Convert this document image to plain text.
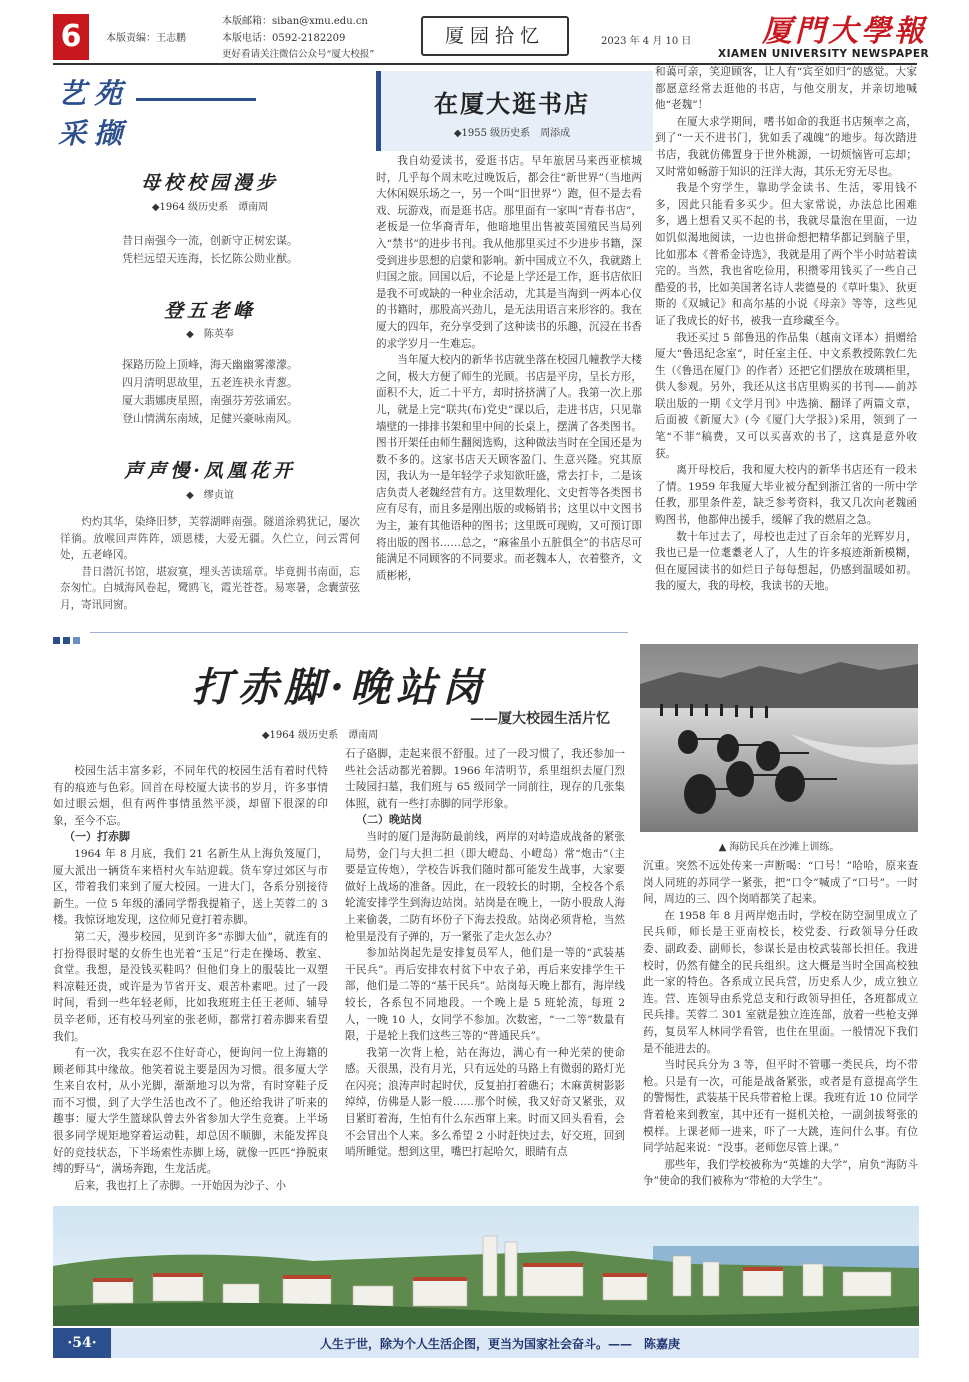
6	本版责编：王志鹏
本版邮箱：siban@xmu.edu.cn
本版电话：0592-2182209
更好看请关注微信公众号“厦大校报”
厦园拾忆	2023 年 4 月 10 日 厦門大學報
XIAMEN UNIVERSITY NEWSPAPER
艺苑
采撷
母校校园漫步
◆1964 级历史系　谭南周
昔日南强今一流，创新守正树宏谋。
凭栏远望天连海，长忆陈公勋业猷。
登五老峰
◆　陈英奉
探路历险上顶峰，海天幽幽雾濛濛。
四月清明思故里，五老连袂永青葱。
厦大翡娜庚星照，南强芬芳弦诵宏。
登山情满东南域，足健兴豪咏南风。
声声慢·凤凰花开
◆　缪贞谊

灼灼其华，染绛旧梦，芙蓉湖畔南强。隧道涂鸦犹记，屡次徉徜。放喉回声阵阵，颂恩楼，大爱无疆。久伫立，问云霄何处，五老峰冈。

昔日潜沉书馆，堪寂寞，埋头苦读瑶章。毕竟拥书南面，忘奈匆忙。白城海风卷起，鹭鸥飞，霞光苍苍。易寒暑，念囊萤弦月，寄讯同窗。

在厦大逛书店
◆1955 级历史系　周添成

我自幼爱读书，爱逛书店。早年旅居马来西亚槟城时，几乎每个周末吃过晚饭后，都会往“新世界”（当地两大休闲娱乐场之一，另一个叫“旧世界”）跑，但不是去看戏、玩游戏，而是逛书店。那里面有一家叫“青春书店”，老板是一位华裔青年，他暗地里出售被英国殖民当局列入“禁书”的进步书刊。我从他那里买过不少进步书籍，深受到进步思想的启蒙和影响。新中国成立不久，我就踏上归国之旅。回国以后，不论是上学还是工作，逛书店依旧是我不可或缺的一种业余活动，尤其是当淘到一两本心仪的书籍时，那股高兴劲儿，是无法用语言来形容的。我在厦大的四年，充分享受到了这种读书的乐趣，沉浸在书香的求学岁月一生难忘。

当年厦大校内的新华书店就坐落在校园几幢教学大楼之间，极大方便了师生的光顾。书店是平房，呈长方形，面积不大，近二十平方，却时挤挤满了人。我第一次上那儿，就是上完“联共(布)党史”课以后，走进书店，只见靠墙壁的一排排书架和里中间的长桌上，摆满了各类图书。图书开架任由师生翻阅选购，这种做法当时在全国还是为数不多的。这家书店天天顾客盈门、生意兴隆。究其原因，我认为一是年轻学子求知欲旺盛，常去打卡，二是该店负责人老魏经营有方。这里数理化、文史哲等各类图书应有尽有，而且多是刚出版的或畅销书；这里以中文图书为主，兼有其他语种的图书；这里既可现购，又可预订即将出版的图书……总之，“麻雀虽小五脏俱全”的书店尽可能满足不同顾客的不同要求。而老魏本人，衣着整齐，文质彬彬，

和蔼可亲，笑迎顾客，让人有“宾至如归”的感觉。大家都愿意经常去逛他的书店，与他交朋友，并亲切地喊他“老魏”！

在厦大求学期间，嗜书如命的我逛书店频率之高，到了“一天不进书门，犹如丢了魂魄”的地步。每次踏进书店，我就仿佛置身于世外桃源，一切烦恼皆可忘却；又时常如畅游于知识的汪洋大海，其乐无穷无尽也。

我是个穷学生，靠助学金读书、生活，零用钱不多，因此只能看多买少。但大家常说，办法总比困难多，遇上想看又买不起的书，我就尽量泡在里面，一边如饥似渴地阅读，一边也拼命想把精华都记到脑子里，比如那本《普希金诗选》，我就是用了两个半小时站着读完的。当然，我也省吃俭用，积攒零用钱买了一些自己酷爱的书，比如美国著名诗人裴德曼的《草叶集》、狄更斯的《双城记》和高尔基的小说《母亲》等等，这些见证了我成长的好书，被我一直珍藏至今。

我还买过 5 部鲁迅的作品集（越南文译本）捐赠给厦大“鲁迅纪念室”，时任室主任、中文系教授陈敦仁先生（《鲁迅在厦门》的作者）还把它们摆放在玻璃柜里，供人参观。另外，我还从这书店里购买的书刊——前苏联出版的一期《文学月刊》中选摘、翻译了两篇文章，后面被《新厦大》(今《厦门大学报》)采用，领到了一笔“不菲”稿费，又可以买喜欢的书了，这真是意外收获。

离开母校后，我和厦大校内的新华书店还有一段未了情。1959 年我厦大毕业被分配到浙江省的一所中学任教，那里条件差，缺乏参考资料，我又几次向老魏函购图书，他都伸出援手，缓解了我的燃眉之急。

数十年过去了，母校也走过了百余年的光辉岁月，我也已是一位耄耋老人了，人生的许多痕迹渐新模糊，但在厦园读书的如烂日子每每想起，仍感到温暖如初。我的厦大，我的母校，我读书的天地。

打赤脚·晚站岗
——厦大校园生活片忆
◆1964 级历史系　谭南周
▲ 海防民兵在沙滩上训练。

校园生活丰富多彩，不同年代的校园生活有着时代特有的痕迹与色彩。回首在母校厦大读书的岁月，许多事情如过眼云烟，但有两件事情虽然平淡，却留下很深的印象，至今不忘。

（一）打赤脚

1964 年 8 月底，我们 21 名新生从上海负笈厦门，厦大派出一辆货车来梧村火车站迎载。货车穿过郊区与市区，带着我们来到了厦大校园。一进大门，各系分别接待新生。一位 5 年级的潘同学帮我提箱子，送上芙蓉二的 3 楼。我惊讶地发现，这位师兄竟打着赤脚。

第二天，漫步校园，见到许多“赤脚大仙”，就连有的打扮得很时髦的女侨生也光着“玉足”行走在操场、教室、食堂。我想，是没钱买鞋吗？但他们身上的服装比一双塑料凉鞋还贵，或许是为节省开支、艰苦朴素吧。过了一段时间，看到一些年轻老师，比如我班班主任王老师、辅导员辛老师，还有校马列室的张老师，都常打着赤脚来看望我们。

有一次，我实在忍不住好奇心，便询问一位上海籍的顾老师其中缘故。他笑着说主要是因为习惯。很多厦大学生来自农村，从小光脚，渐渐地习以为常，有时穿鞋子反而不习惯，到了大学生活也改不了。他还给我讲了听来的趣事：厦大学生篮球队曾去外省参加大学生竞赛。上半场很多同学规矩地穿着运动鞋，却总因不顺脚，未能发挥良好的竞技状态，下半场索性赤脚上场，就像一匹匹“挣脱束缚的野马”，满场奔跑，生龙活虎。

后来，我也打上了赤脚。一开始因为沙子、小

石子硌脚，走起来很不舒服。过了一段习惯了，我还参加一些社会活动都光着脚。1966 年清明节，系里组织去厦门烈士陵园扫墓，我们班与 65 级同学一同前往，现存的几张集体照，就有一些打赤脚的同学形象。

（二）晚站岗

当时的厦门是海防最前线，两岸的对峙造成战备的紧张局势，金门与大担二担（即大嶝岛、小嶝岛）常“炮击”（主要是宣传炮），学校告诉我们随时都可能发生战事，大家要做好上战场的准备。因此，在一段较长的时期，全校各个系轮流安排学生到海边站岗。站岗是在晚上，一防小股敌人海上来偷袭，二防有坏份子下海去投敌。站岗必须背枪，当然枪里是没有子弹的，万一紧张了走火怎么办？

参加站岗起先是安排复员军人，他们是一等的“武装基干民兵”。再后安排农村贫下中农子弟，再后来安排学生干部，他们是二等的“基干民兵”。站岗每天晚上都有，海岸线较长，各系包不同地段。一个晚上是 5 班轮流，每班 2 人，一晚 10 人，女同学不参加。次数密，“一二等”数量有限，于是轮上我们这些三等的“普通民兵”。

我第一次背上枪，站在海边，满心有一种光荣的使命感。天很黑，没有月光，只有远处的马路上有微弱的路灯光在闪亮；浪涛声时起时伏，反复拍打着礁石；木麻黄树影影绰绰，仿佛是人影一般……那个时候，我又好奇又紧张，双目紧盯着海，生怕有什么东西窜上来。时而又回头看看，会不会冒出个人来。多么希望 2 小时赶快过去，好交班，回到哨所睡觉。想到这里，嘴巴打起哈欠，眼睛有点

沉重。突然不远处传来一声断喝：“口号！”哈哈，原来查岗人同班的苏同学一紧张，把“口令”喊成了“口号”。一时间，周边的三、四个岗哨都笑了起来。

在 1958 年 8 月两岸炮击时，学校在防空洞里成立了民兵师，师长是王亚南校长，校党委、行政领导分任政委、副政委、副师长，参谋长是由校武装部长担任。我进校时，仍然有健全的民兵组织。这大概是当时全国高校独此一家的特色。各系成立民兵营，历史系人少，成立独立连。营、连领导由系党总支和行政领导担任，各班都成立民兵排。芙蓉二 301 室就是独立连连部，放着一些枪支弹药，复员军人林同学看管，也住在里面。一般情况下我们是不能进去的。

当时民兵分为 3 等，但平时不管哪一类民兵，均不带枪。只是有一次，可能是战备紧张，或者是有意提高学生的警惕性，武装基干民兵带着枪上课。我班有近 10 位同学背着枪来到教室，其中还有一挺机关枪，一副剑拔弩张的模样。上课老师一进来，吓了一大跳，连问什么事。有位同学站起来说：“没事。老师您尽管上课。”

那些年，我们学校被称为“英雄的大学”，肩负“海防斗争”使命的我们被称为“带枪的大学生”。

·54·	人生于世，除为个人生活企图，更当为国家社会奋斗。——　陈嘉庚
